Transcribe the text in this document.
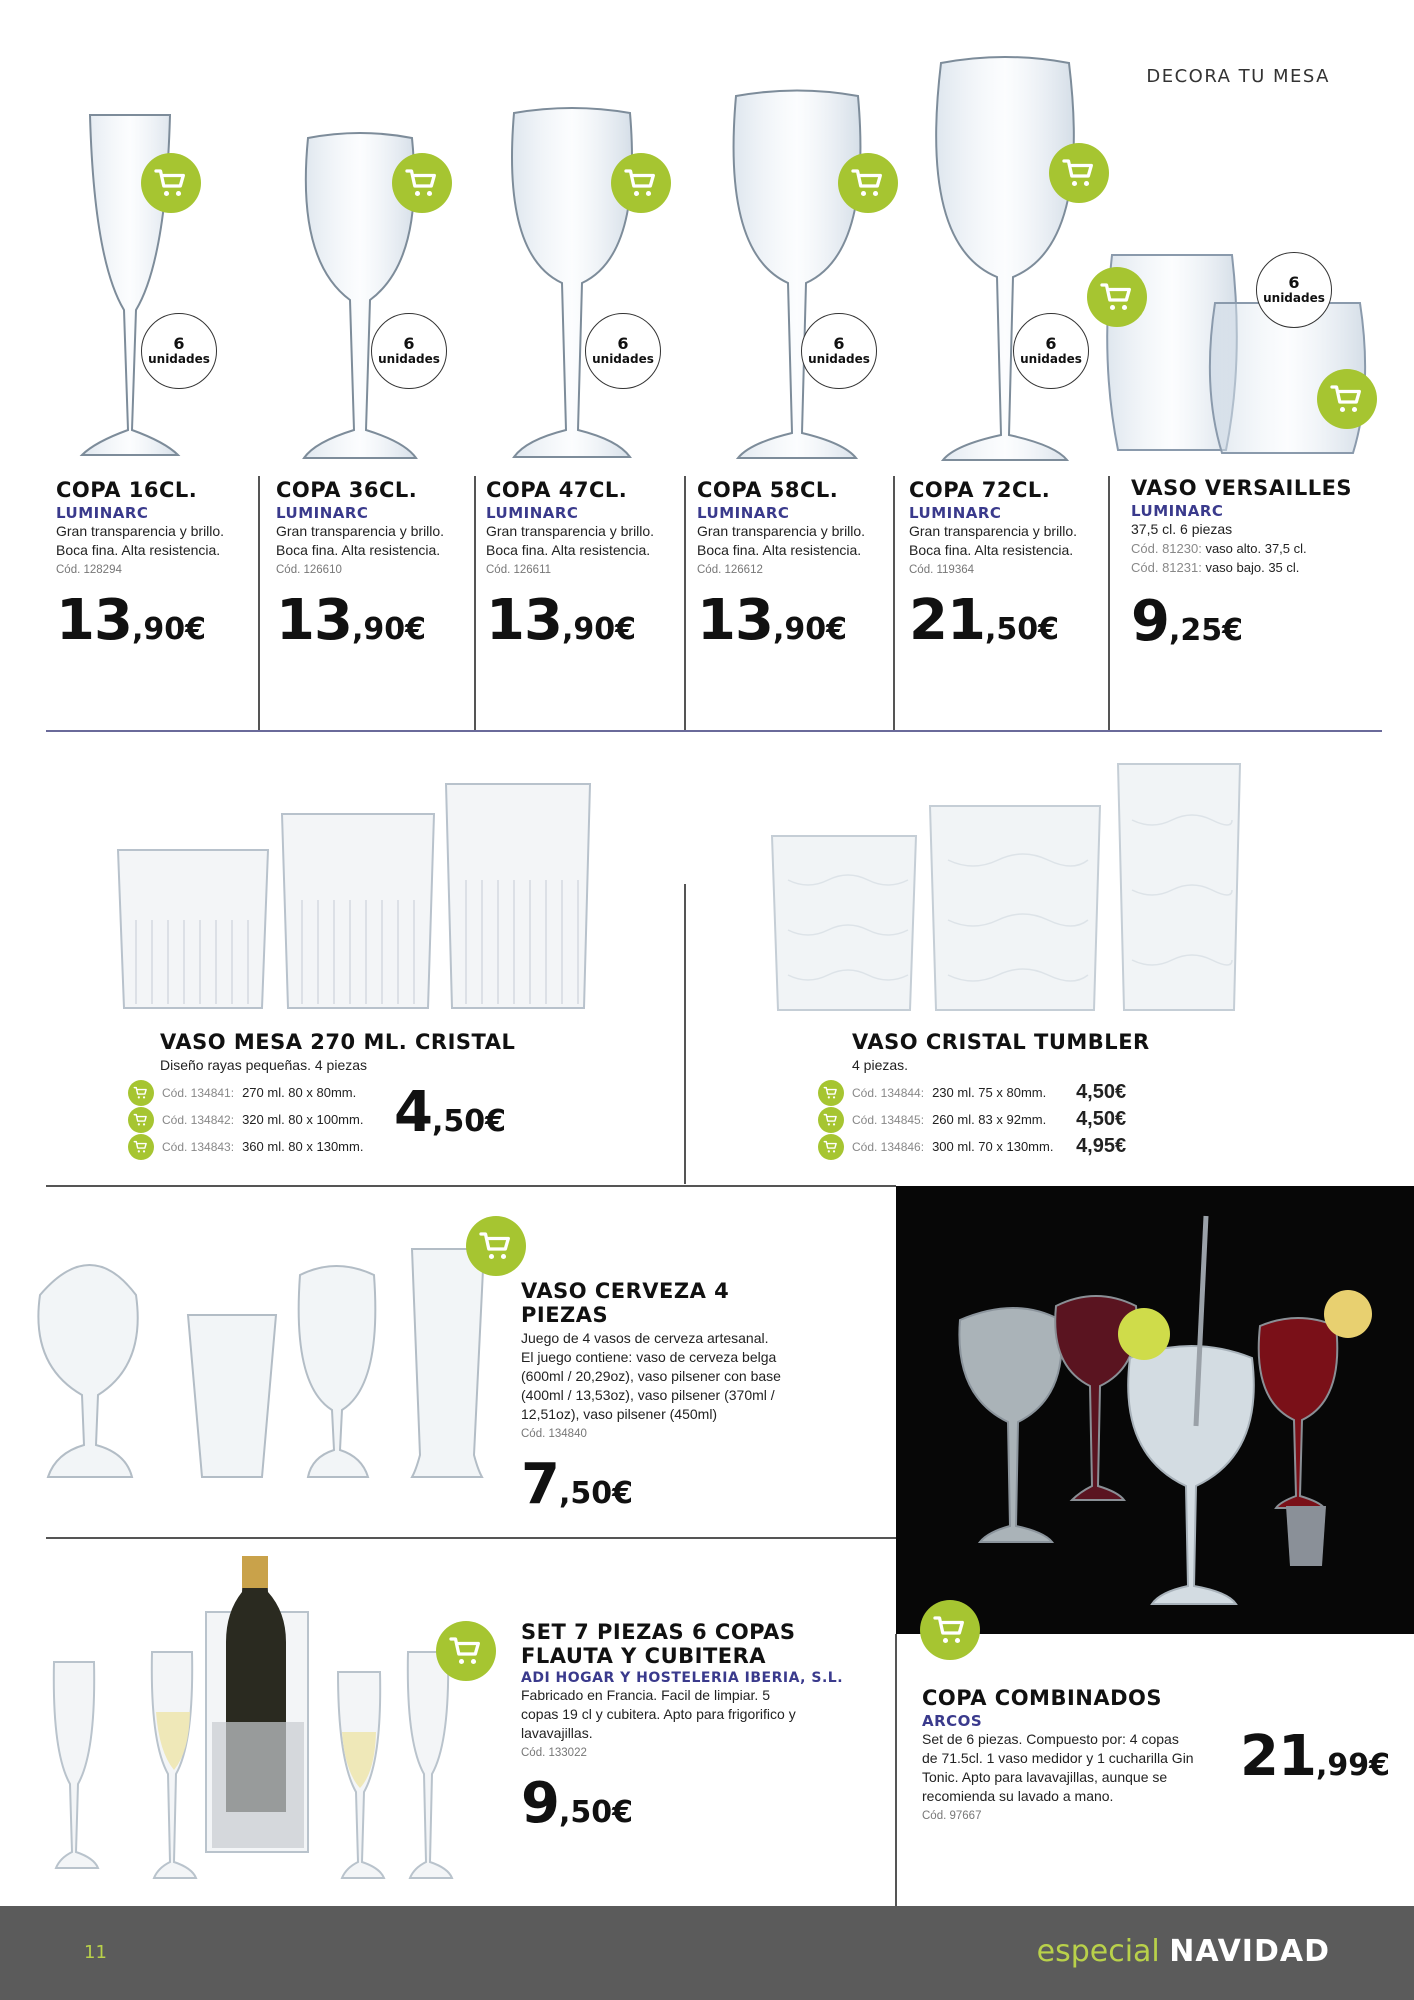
DECORA TU MESA
6
unidades
6
unidades
6
unidades
6
unidades
6
unidades
6
unidades
COPA 16CL.
LUMINARC
Gran transparencia y brillo.
Boca fina. Alta resistencia.
Cód. 128294
13,90€
COPA 36CL.
LUMINARC
Gran transparencia y brillo.
Boca fina. Alta resistencia.
Cód. 126610
13,90€
COPA 47CL.
LUMINARC
Gran transparencia y brillo.
Boca fina. Alta resistencia.
Cód. 126611
13,90€
COPA 58CL.
LUMINARC
Gran transparencia y brillo.
Boca fina. Alta resistencia.
Cód. 126612
13,90€
COPA 72CL.
LUMINARC
Gran transparencia y brillo.
Boca fina. Alta resistencia.
Cód. 119364
21,50€
VASO VERSAILLES
LUMINARC
37,5 cl. 6 piezas
Cód. 81230: vaso alto. 37,5 cl.
Cód. 81231: vaso bajo. 35 cl.
9,25€
VASO MESA 270 ML. CRISTAL
Diseño rayas pequeñas. 4 piezas
Cód. 134841: 270 ml. 80 x 80mm.
Cód. 134842: 320 ml. 80 x 100mm.
Cód. 134843: 360 ml. 80 x 130mm.
4,50€
VASO CRISTAL TUMBLER
4 piezas.
Cód. 134844: 230 ml. 75 x 80mm.	4,50€
Cód. 134845: 260 ml. 83 x 92mm.	4,50€
Cód. 134846: 300 ml. 70 x 130mm.	4,95€
VASO CERVEZA 4 PIEZAS
Juego de 4 vasos de cerveza artesanal.
El juego contiene: vaso de cerveza belga
(600ml / 20,29oz), vaso pilsener con base
(400ml / 13,53oz), vaso pilsener (370ml /
12,51oz), vaso pilsener (450ml)
Cód. 134840
7,50€
SET 7 PIEZAS 6 COPAS
FLAUTA Y CUBITERA
ADI HOGAR Y HOSTELERIA IBERIA, S.L.
Fabricado en Francia. Facil de limpiar. 5
copas 19 cl y cubitera. Apto para frigorifico y
lavavajillas.
Cód. 133022
9,50€
COPA COMBINADOS
ARCOS
Set de 6 piezas. Compuesto por: 4 copas
de 71.5cl. 1 vaso medidor y 1 cucharilla Gin
Tonic. Apto para lavavajillas, aunque se
recomienda su lavado a mano.
Cód. 97667
21,99€
11	especial NAVIDAD
